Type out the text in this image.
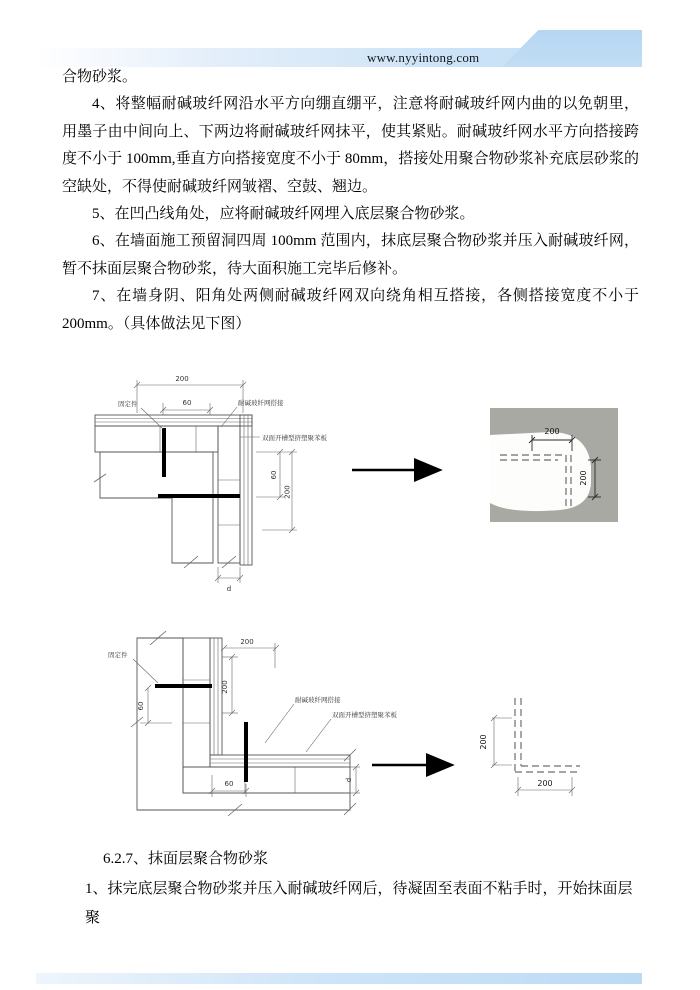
www.nyyintong.com

合物砂浆。

4、将整幅耐碱玻纤网沿水平方向绷直绷平，注意将耐碱玻纤网内曲的以免朝里，用墨子由中间向上、下两边将耐碱玻纤网抹平，使其紧贴。耐碱玻纤网水平方向搭接跨度不小于 100mm,垂直方向搭接宽度不小于 80mm，搭接处用聚合物砂浆补充底层砂浆的空缺处，不得使耐碱玻纤网皱褶、空鼓、翘边。

5、在凹凸线角处，应将耐碱玻纤网埋入底层聚合物砂浆。

6、在墙面施工预留洞四周 100mm 范围内，抹底层聚合物砂浆并压入耐碱玻纤网，暂不抹面层聚合物砂浆，待大面积施工完毕后修补。

7、在墙身阴、阳角处两侧耐碱玻纤网双向绕角相互搭接，各侧搭接宽度不小于 200mm。（具体做法见下图）

200
60
60
200
d
固定件	耐碱玻纤网搭接
双面开槽型挤塑聚苯板
200
200
200
200
60
60	d
固定件
耐碱玻纤网搭接
双面开槽型挤塑聚苯板
200
200

6.2.7、抹面层聚合物砂浆

1、抹完底层聚合物砂浆并压入耐碱玻纤网后，待凝固至表面不粘手时，开始抹面层聚
